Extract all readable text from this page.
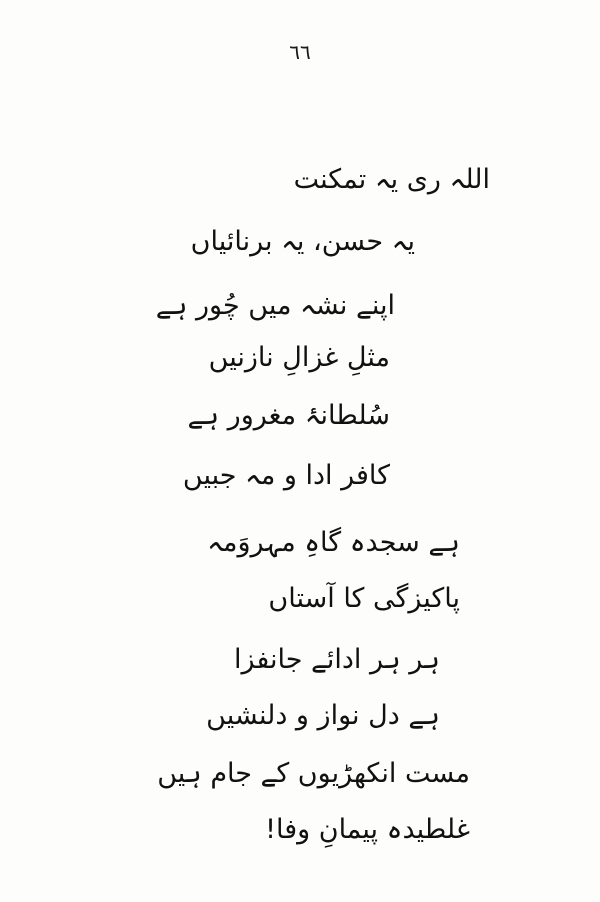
٦٦
اللہ ری یہ تمکنت
یہ حسن، یہ برنائیاں
اپنے نشہ میں چُور ہے
مثلِ غزالِ نازنیں
سُلطانۂ مغرور ہے
کافر ادا و مہ جبیں
ہے سجدہ گاہِ مہروَمہ
پاکیزگی کا آستاں
ہر ہر ادائے جانفزا
ہے دل نواز و دلنشیں
مست انکھڑیوں کے جام ہیں
غلطیدہ پیمانِ وفا!
